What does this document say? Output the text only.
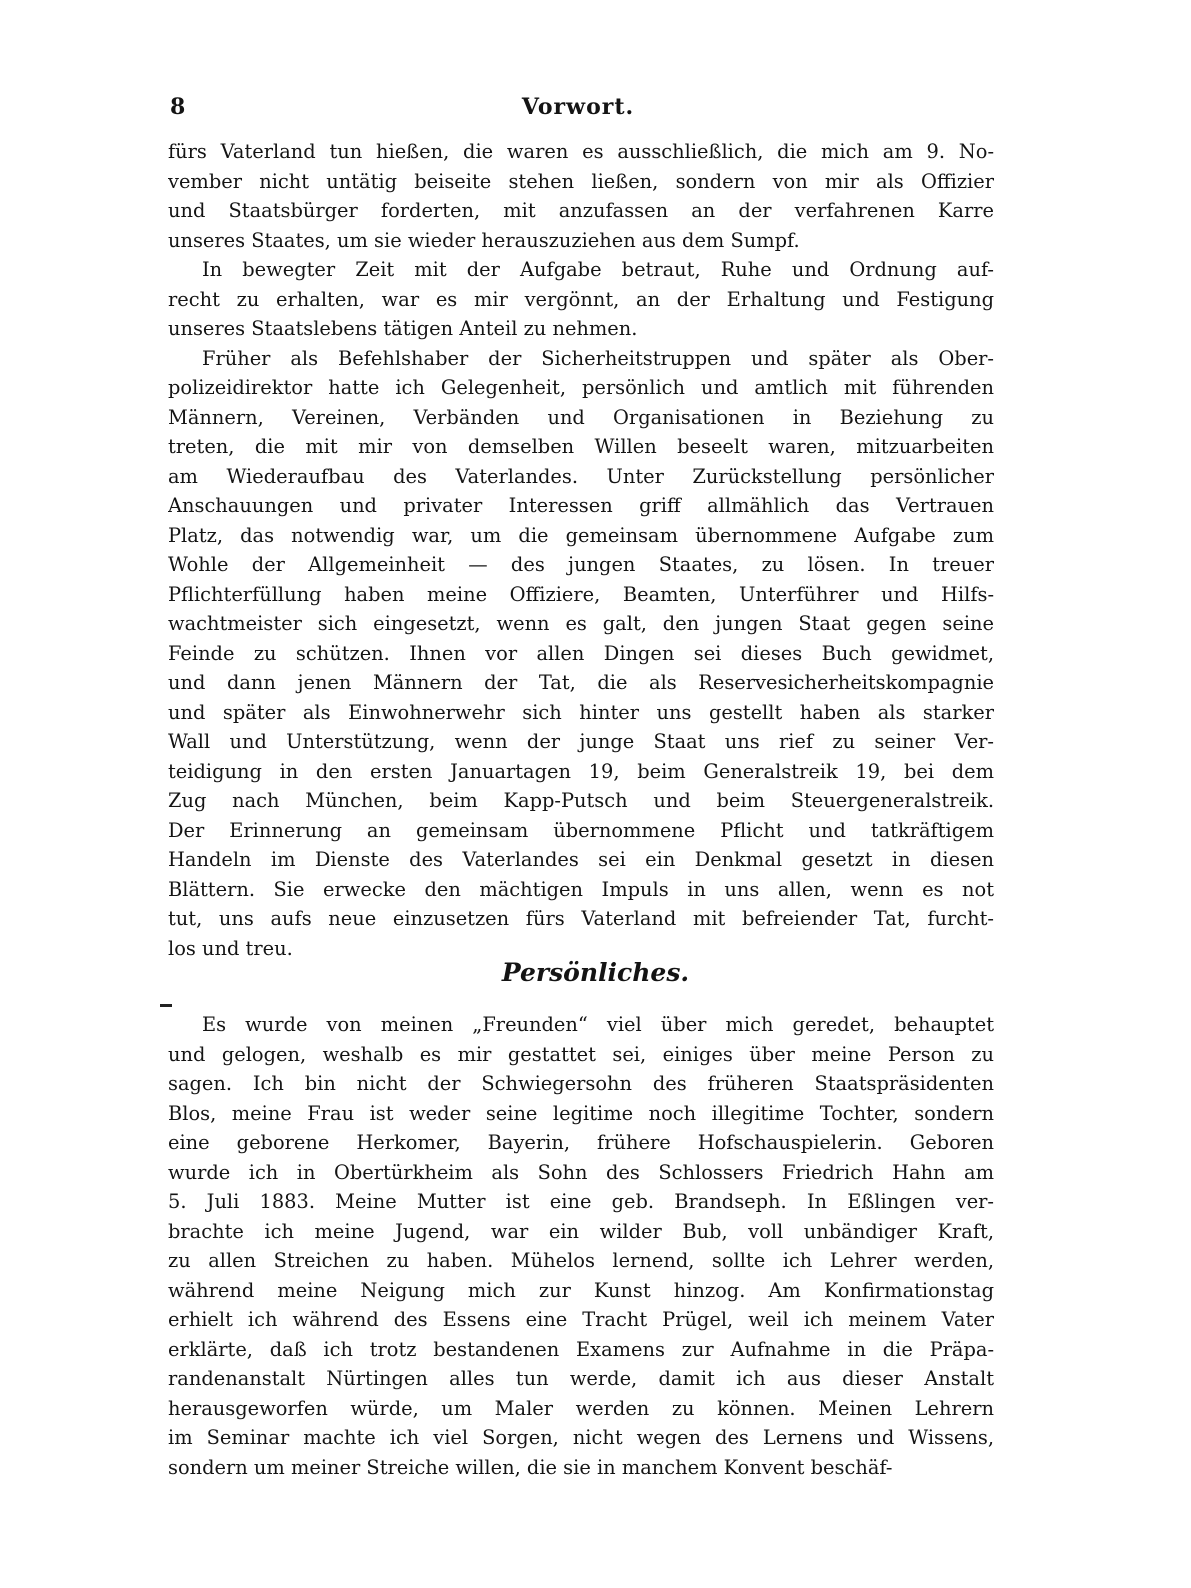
8	Vorwort.

fürs Vaterland tun hießen, die waren es ausschließlich, die mich am 9. No-
vember nicht untätig beiseite stehen ließen, sondern von mir als Offizier
und Staatsbürger forderten, mit anzufassen an der verfahrenen Karre
unseres Staates, um sie wieder herauszuziehen aus dem Sumpf.

In bewegter Zeit mit der Aufgabe betraut, Ruhe und Ordnung auf-
recht zu erhalten, war es mir vergönnt, an der Erhaltung und Festigung
unseres Staatslebens tätigen Anteil zu nehmen.

Früher als Befehlshaber der Sicherheitstruppen und später als Ober-
polizeidirektor hatte ich Gelegenheit, persönlich und amtlich mit führenden
Männern, Vereinen, Verbänden und Organisationen in Beziehung zu
treten, die mit mir von demselben Willen beseelt waren, mitzuarbeiten
am Wiederaufbau des Vaterlandes. Unter Zurückstellung persönlicher
Anschauungen und privater Interessen griff allmählich das Vertrauen
Platz, das notwendig war, um die gemeinsam übernommene Aufgabe zum
Wohle der Allgemeinheit — des jungen Staates, zu lösen. In treuer
Pflichterfüllung haben meine Offiziere, Beamten, Unterführer und Hilfs-
wachtmeister sich eingesetzt, wenn es galt, den jungen Staat gegen seine
Feinde zu schützen. Ihnen vor allen Dingen sei dieses Buch gewidmet,
und dann jenen Männern der Tat, die als Reservesicherheitskompagnie
und später als Einwohnerwehr sich hinter uns gestellt haben als starker
Wall und Unterstützung, wenn der junge Staat uns rief zu seiner Ver-
teidigung in den ersten Januartagen 19, beim Generalstreik 19, bei dem
Zug nach München, beim Kapp-Putsch und beim Steuergeneralstreik.
Der Erinnerung an gemeinsam übernommene Pflicht und tatkräftigem
Handeln im Dienste des Vaterlandes sei ein Denkmal gesetzt in diesen
Blättern. Sie erwecke den mächtigen Impuls in uns allen, wenn es not
tut, uns aufs neue einzusetzen fürs Vaterland mit befreiender Tat, furcht-
los und treu.

Persönliches.

Es wurde von meinen „Freunden“ viel über mich geredet, behauptet
und gelogen, weshalb es mir gestattet sei, einiges über meine Person zu
sagen. Ich bin nicht der Schwiegersohn des früheren Staatspräsidenten
Blos, meine Frau ist weder seine legitime noch illegitime Tochter, sondern
eine geborene Herkomer, Bayerin, frühere Hofschauspielerin. Geboren
wurde ich in Obertürkheim als Sohn des Schlossers Friedrich Hahn am
5. Juli 1883. Meine Mutter ist eine geb. Brandseph. In Eßlingen ver-
brachte ich meine Jugend, war ein wilder Bub, voll unbändiger Kraft,
zu allen Streichen zu haben. Mühelos lernend, sollte ich Lehrer werden,
während meine Neigung mich zur Kunst hinzog. Am Konfirmationstag
erhielt ich während des Essens eine Tracht Prügel, weil ich meinem Vater
erklärte, daß ich trotz bestandenen Examens zur Aufnahme in die Präpa-
randenanstalt Nürtingen alles tun werde, damit ich aus dieser Anstalt
herausgeworfen würde, um Maler werden zu können. Meinen Lehrern
im Seminar machte ich viel Sorgen, nicht wegen des Lernens und Wissens,
sondern um meiner Streiche willen, die sie in manchem Konvent beschäf-
